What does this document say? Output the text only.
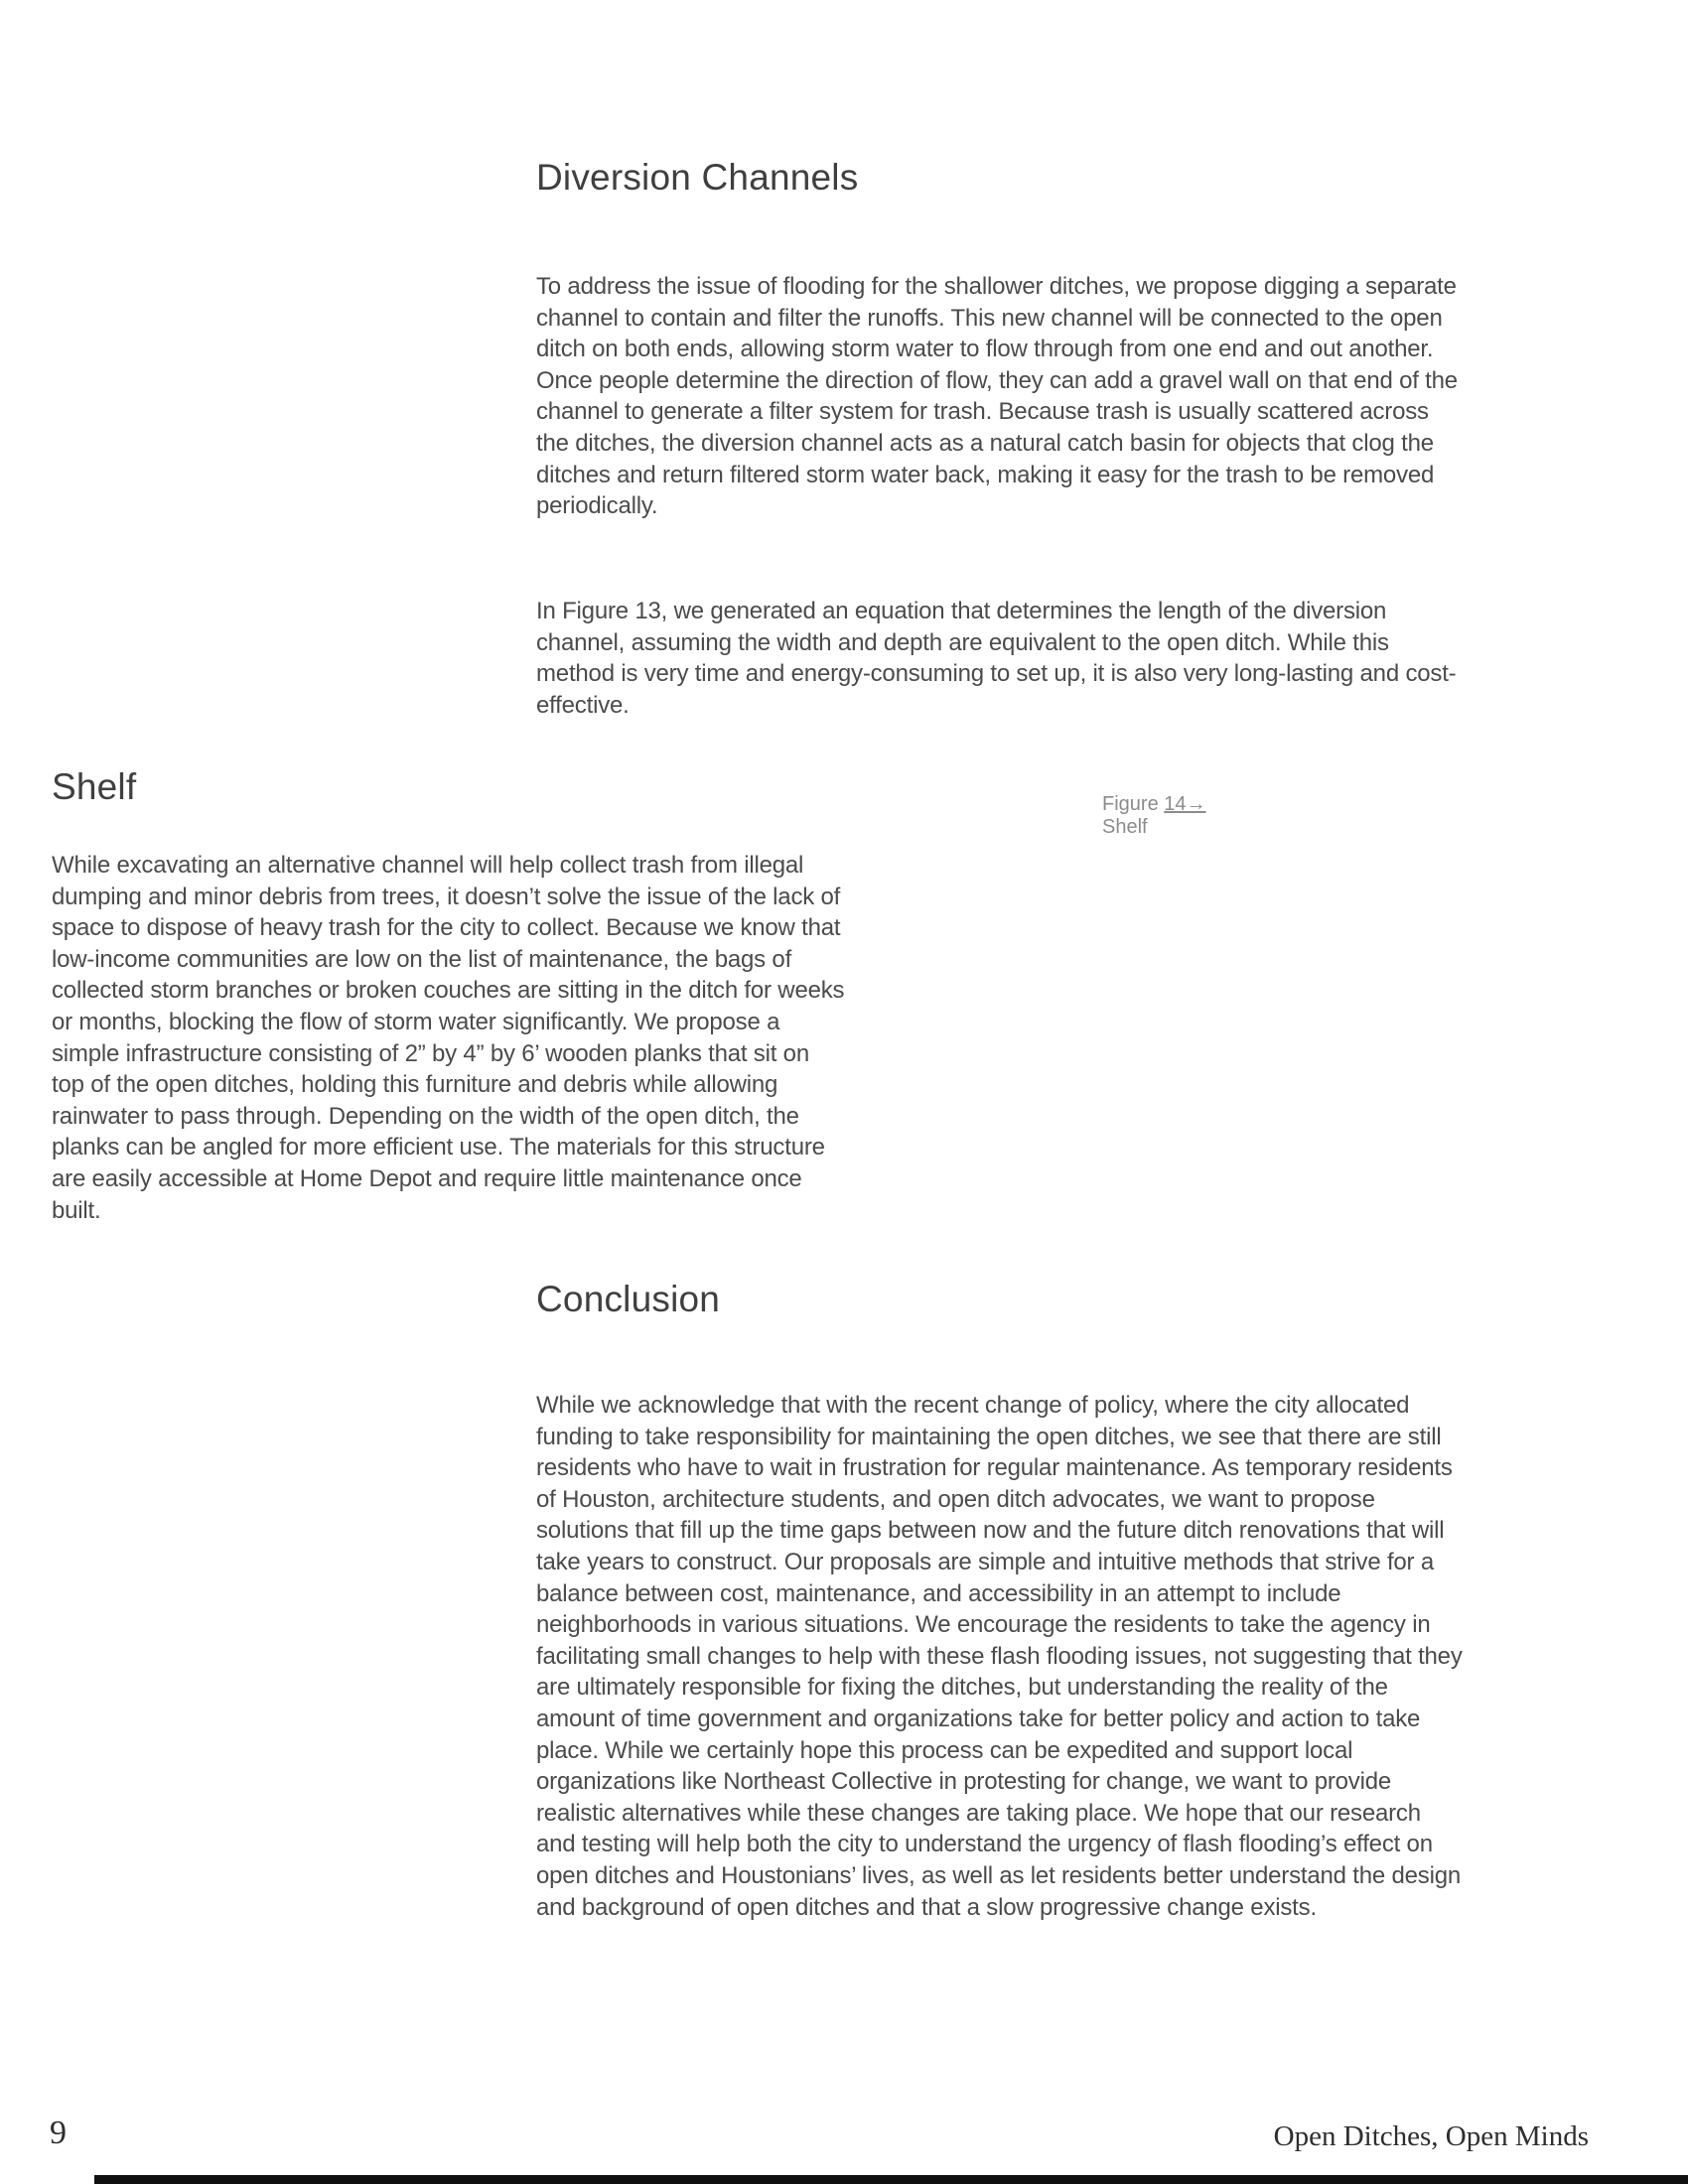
Diversion Channels

To address the issue of flooding for the shallower ditches, we propose digging a separate channel to contain and filter the runoffs. This new channel will be connected to the open ditch on both ends, allowing storm water to flow through from one end and out another. Once people determine the direction of flow, they can add a gravel wall on that end of the channel to generate a filter system for trash. Because trash is usually scattered across the ditches, the diversion channel acts as a natural catch basin for objects that clog the ditches and return filtered storm water back, making it easy for the trash to be removed periodically.

In Figure 13, we generated an equation that determines the length of the diversion channel, assuming the width and depth are equivalent to the open ditch. While this method is very time and energy-consuming to set up, it is also very long-lasting and cost-effective.

Shelf	Figure 14→
Shelf

While excavating an alternative channel will help collect trash from illegal dumping and minor debris from trees, it doesn’t solve the issue of the lack of space to dispose of heavy trash for the city to collect. Because we know that low-income communities are low on the list of maintenance, the bags of collected storm branches or broken couches are sitting in the ditch for weeks or months, blocking the flow of storm water significantly. We propose a simple infrastructure consisting of 2” by 4” by 6’ wooden planks that sit on top of the open ditches, holding this furniture and debris while allowing rainwater to pass through. Depending on the width of the open ditch, the planks can be angled for more efficient use. The materials for this structure are easily accessible at Home Depot and require little maintenance once built.

Conclusion

While we acknowledge that with the recent change of policy, where the city allocated funding to take responsibility for maintaining the open ditches, we see that there are still residents who have to wait in frustration for regular maintenance. As temporary residents of Houston, architecture students, and open ditch advocates, we want to propose solutions that fill up the time gaps between now and the future ditch renovations that will take years to construct. Our proposals are simple and intuitive methods that strive for a balance between cost, maintenance, and accessibility in an attempt to include neighborhoods in various situations. We encourage the residents to take the agency in facilitating small changes to help with these flash flooding issues, not suggesting that they are ultimately responsible for fixing the ditches, but understanding the reality of the amount of time government and organizations take for better policy and action to take place. While we certainly hope this process can be expedited and support local organizations like Northeast Collective in protesting for change, we want to provide realistic alternatives while these changes are taking place. We hope that our research and testing will help both the city to understand the urgency of flash flooding’s effect on open ditches and Houstonians’ lives, as well as let residents better understand the design and background of open ditches and that a slow progressive change exists.

9	Open Ditches, Open Minds
